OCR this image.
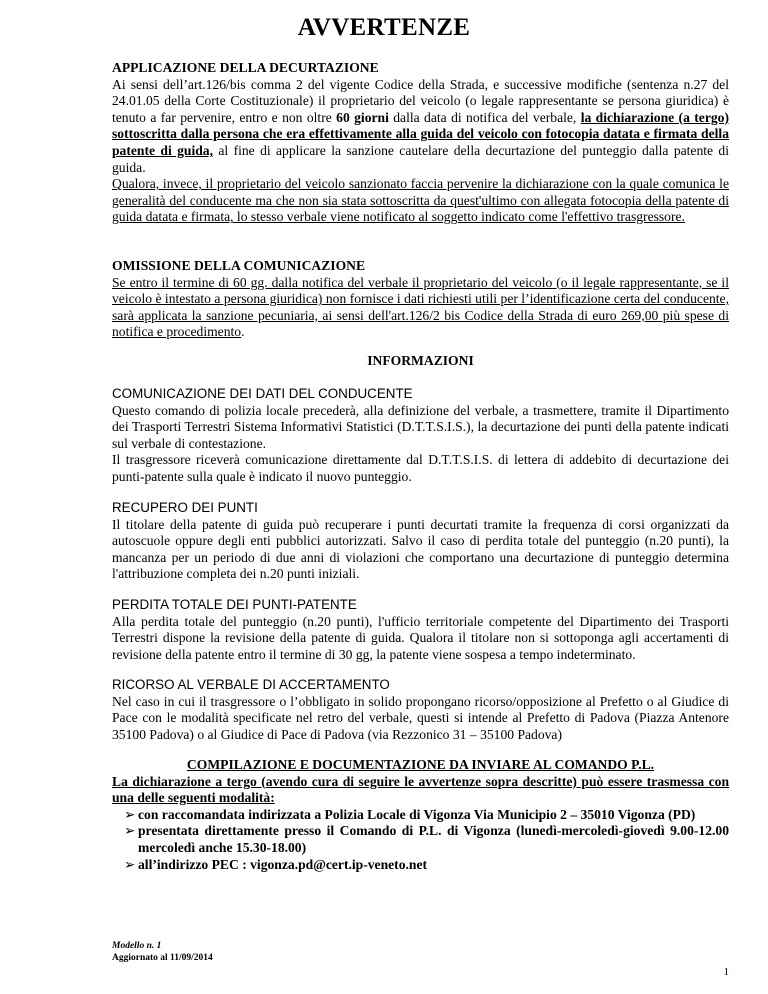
AVVERTENZE
APPLICAZIONE DELLA DECURTAZIONE
Ai sensi dell’art.126/bis comma 2 del vigente Codice della Strada, e successive modifiche (sentenza n.27 del 24.01.05 della Corte Costituzionale) il proprietario del veicolo (o legale rappresentante se persona giuridica) è tenuto a far pervenire, entro e non oltre 60 giorni dalla data di notifica del verbale, la dichiarazione (a tergo) sottoscritta dalla persona che era effettivamente alla guida del veicolo con fotocopia datata e firmata della patente di guida, al fine di applicare la sanzione cautelare della decurtazione del punteggio dalla patente di guida.
Qualora, invece, il proprietario del veicolo sanzionato faccia pervenire la dichiarazione con la quale comunica le generalità del conducente ma che non sia stata sottoscritta da quest'ultimo con allegata fotocopia della patente di guida datata e firmata, lo stesso verbale viene notificato al soggetto indicato come l'effettivo trasgressore.
OMISSIONE DELLA COMUNICAZIONE
Se entro il termine di 60 gg. dalla notifica del verbale il proprietario del veicolo (o il legale rappresentante, se il veicolo è intestato a persona giuridica) non fornisce i dati richiesti utili per l’identificazione certa del conducente, sarà applicata la sanzione pecuniaria, ai sensi dell'art.126/2 bis Codice della Strada di euro 269,00 più spese di notifica e procedimento.
INFORMAZIONI
COMUNICAZIONE DEI DATI DEL CONDUCENTE
Questo comando di polizia locale precederà, alla definizione del verbale, a trasmettere, tramite il Dipartimento dei Trasporti Terrestri Sistema Informativi Statistici (D.T.T.S.I.S.), la decurtazione dei punti della patente indicati sul verbale di contestazione.
Il trasgressore riceverà comunicazione direttamente dal D.T.T.S.I.S. di lettera di addebito di decurtazione dei punti-patente sulla quale è indicato il nuovo punteggio.
RECUPERO DEI PUNTI
Il titolare della patente di guida può recuperare i punti decurtati tramite la frequenza di corsi organizzati da autoscuole oppure degli enti pubblici autorizzati. Salvo il caso di perdita totale del punteggio (n.20 punti), la mancanza per un periodo di due anni di violazioni che comportano una decurtazione di punteggio determina l'attribuzione completa dei n.20 punti iniziali.
PERDITA TOTALE DEI PUNTI-PATENTE
Alla perdita totale del punteggio (n.20 punti), l'ufficio territoriale competente del Dipartimento dei Trasporti Terrestri dispone la revisione della patente di guida. Qualora il titolare non si sottoponga agli accertamenti di revisione della patente entro il termine di 30 gg, la patente viene sospesa a tempo indeterminato.
RICORSO AL VERBALE DI ACCERTAMENTO
Nel caso in cui il trasgressore o l’obbligato in solido propongano ricorso/opposizione al Prefetto o al Giudice di Pace con le modalità specificate nel retro del verbale, questi si intende al Prefetto di Padova (Piazza Antenore 35100 Padova) o al Giudice di Pace di Padova (via Rezzonico 31 – 35100 Padova)
COMPILAZIONE E DOCUMENTAZIONE DA INVIARE AL COMANDO P.L.
La dichiarazione a tergo (avendo cura di seguire le avvertenze sopra descritte) può essere trasmessa con una delle seguenti modalità:
➢ con raccomandata indirizzata a Polizia Locale di Vigonza Via Municipio 2 – 35010 Vigonza (PD)
➢ presentata direttamente presso il Comando di P.L. di Vigonza (lunedì-mercoledì-giovedì 9.00-12.00 mercoledì anche 15.30-18.00)
➢ all’indirizzo PEC : vigonza.pd@cert.ip-veneto.net
Modello n. 1
Aggiornato al 11/09/2014
1
